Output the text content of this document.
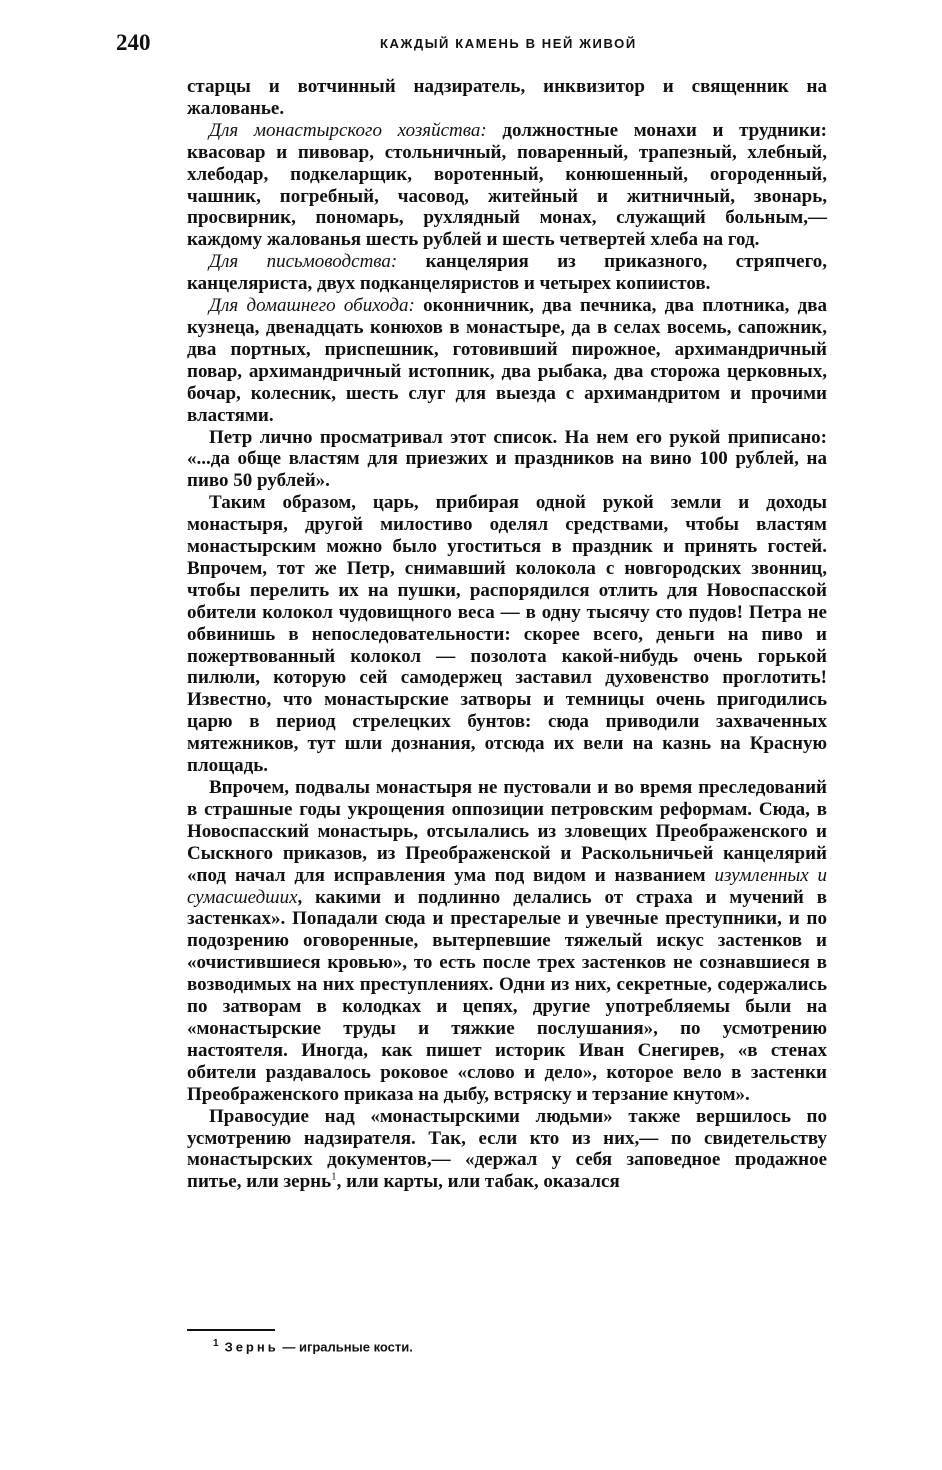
240	КАЖДЫЙ КАМЕНЬ В НЕЙ ЖИВОЙ

старцы и вотчинный надзиратель, инквизитор и священник на жалованье.

Для монастырского хозяйства: должностные монахи и трудники: квасовар и пивовар, стольничный, поваренный, трапезный, хлебный, хлебодар, подкеларщик, воротенный, конюшенный, огороденный, чашник, погребный, часовод, житейный и житничный, звонарь, просвирник, пономарь, рухлядный монах, служащий больным,— каждому жалованья шесть рублей и шесть четвертей хлеба на год.

Для письмоводства: канцелярия из приказного, стряпчего, канцеляриста, двух подканцеляристов и четырех копиистов.

Для домашнего обихода: оконничник, два печника, два плотника, два кузнеца, двенадцать конюхов в монастыре, да в селах восемь, сапожник, два портных, приспешник, готовивший пирожное, архимандричный повар, архимандричный истопник, два рыбака, два сторожа церковных, бочар, колесник, шесть слуг для выезда с архимандритом и прочими властями.

Петр лично просматривал этот список. На нем его рукой приписано: «...да обще властям для приезжих и праздников на вино 100 рублей, на пиво 50 рублей».

Таким образом, царь, прибирая одной рукой земли и доходы монастыря, другой милостиво оделял средствами, чтобы властям монастырским можно было угоститься в праздник и принять гостей. Впрочем, тот же Петр, снимавший колокола с новгородских звонниц, чтобы перелить их на пушки, распорядился отлить для Новоспасской обители колокол чудовищного веса — в одну тысячу сто пудов! Петра не обвинишь в непоследовательности: скорее всего, деньги на пиво и пожертвованный колокол — позолота какой-нибудь очень горькой пилюли, которую сей самодержец заставил духовенство проглотить! Известно, что монастырские затворы и темницы очень пригодились царю в период стрелецких бунтов: сюда приводили захваченных мятежников, тут шли дознания, отсюда их вели на казнь на Красную площадь.

Впрочем, подвалы монастыря не пустовали и во время преследований в страшные годы укрощения оппозиции петровским реформам. Сюда, в Новоспасский монастырь, отсылались из зловещих Преображенского и Сыскного приказов, из Преображенской и Раскольничьей канцелярий «под начал для исправления ума под видом и названием изумленных и сумасшедших, какими и подлинно делались от страха и мучений в застенках». Попадали сюда и престарелые и увечные преступники, и по подозрению оговоренные, вытерпевшие тяжелый искус застенков и «очистившиеся кровью», то есть после трех застенков не сознавшиеся в возводимых на них преступлениях. Одни из них, секретные, содержались по затворам в колодках и цепях, другие употребляемы были на «монастырские труды и тяжкие послушания», по усмотрению настоятеля. Иногда, как пишет историк Иван Снегирев, «в стенах обители раздавалось роковое «слово и дело», которое вело в застенки Преображенского приказа на дыбу, встряску и терзание кнутом».

Правосудие над «монастырскими людьми» также вершилось по усмотрению надзирателя. Так, если кто из них,— по свидетельству монастырских документов,— «держал у себя заповедное продажное питье, или зернь$^1$, или карты, или табак, оказался

$^1$ Зернь — игральные кости.
